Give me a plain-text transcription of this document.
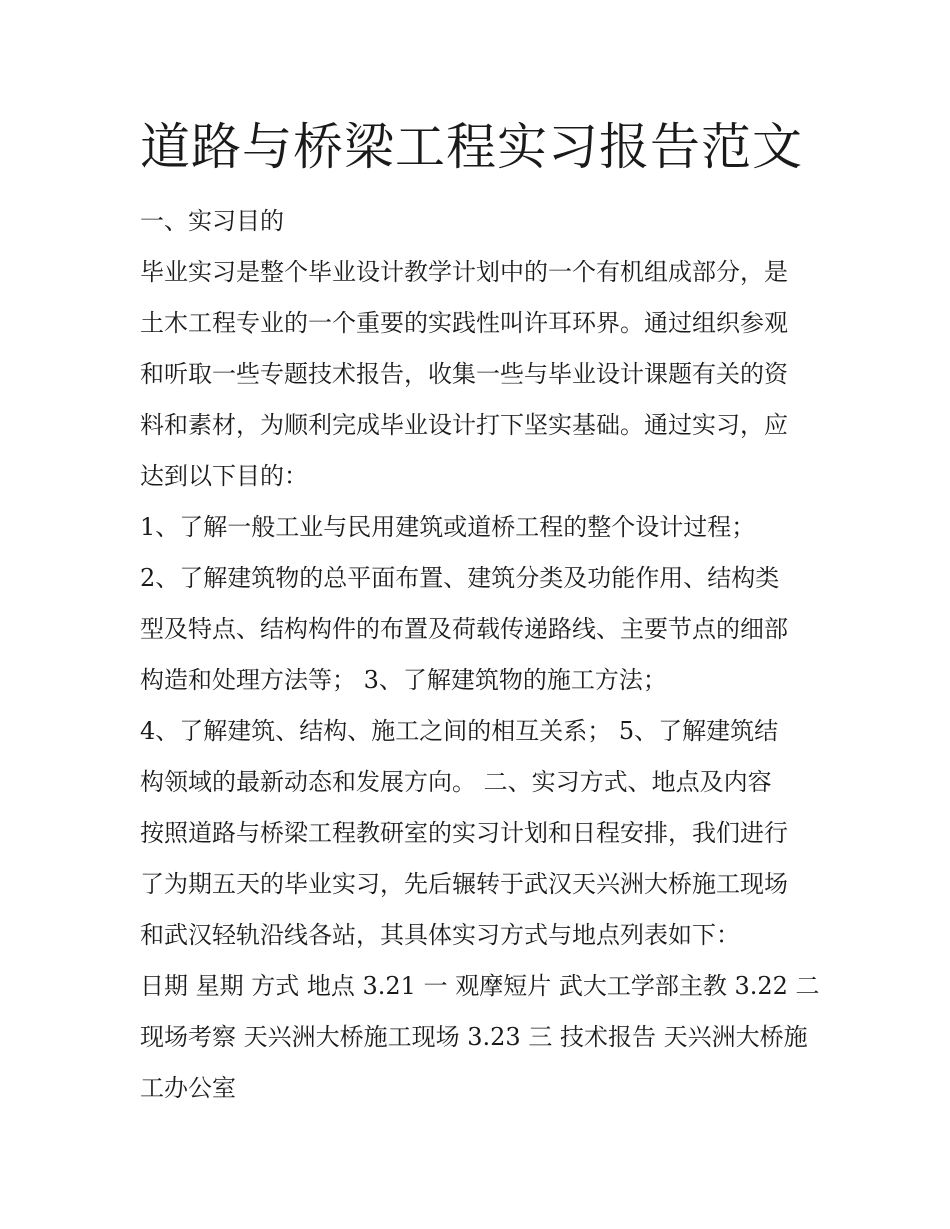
道路与桥梁工程实习报告范文
一、实习目的
毕业实习是整个毕业设计教学计划中的一个有机组成部分，是
土木工程专业的一个重要的实践性叫许耳环界。通过组织参观
和听取一些专题技术报告，收集一些与毕业设计课题有关的资
料和素材，为顺利完成毕业设计打下坚实基础。通过实习，应
达到以下目的：
1、了解一般工业与民用建筑或道桥工程的整个设计过程；
2、了解建筑物的总平面布置、建筑分类及功能作用、结构类
型及特点、结构构件的布置及荷载传递路线、主要节点的细部
构造和处理方法等； 3、了解建筑物的施工方法；
4、了解建筑、结构、施工之间的相互关系； 5、了解建筑结
构领域的最新动态和发展方向。 二、实习方式、地点及内容
按照道路与桥梁工程教研室的实习计划和日程安排，我们进行
了为期五天的毕业实习，先后辗转于武汉天兴洲大桥施工现场
和武汉轻轨沿线各站，其具体实习方式与地点列表如下：
日期 星期 方式 地点 3.21 一 观摩短片 武大工学部主教 3.22 二
现场考察 天兴洲大桥施工现场 3.23 三 技术报告 天兴洲大桥施
工办公室
